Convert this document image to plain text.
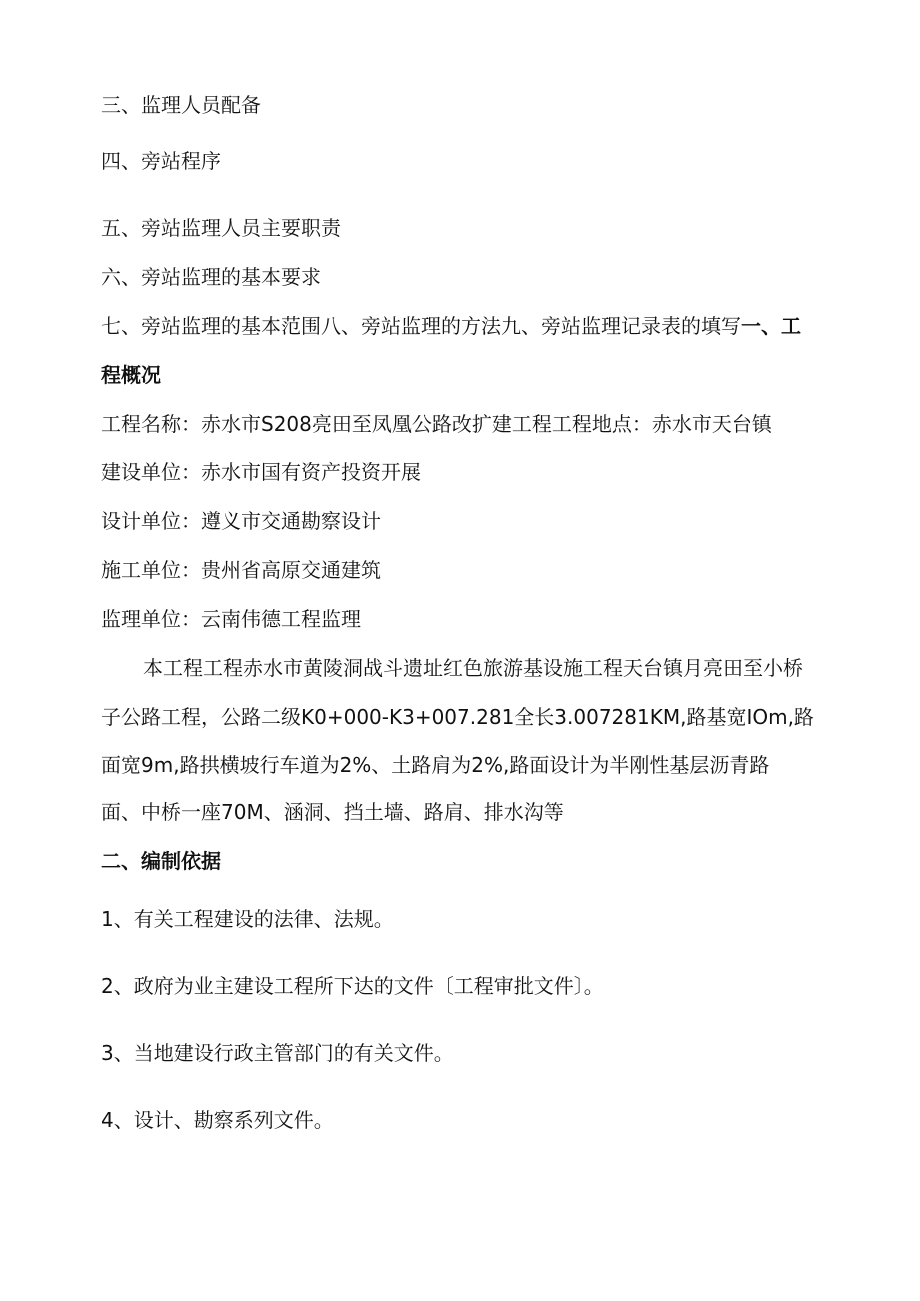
三、监理人员配备
四、旁站程序
五、旁站监理人员主要职责
六、旁站监理的基本要求
七、旁站监理的基本范围八、旁站监理的方法九、旁站监理记录表的填写一、工
程概况
工程名称：赤水市S208亮田至凤凰公路改扩建工程工程地点：赤水市天台镇
建设单位：赤水市国有资产投资开展
设计单位：遵义市交通勘察设计
施工单位：贵州省高原交通建筑
监理单位：云南伟德工程监理
本工程工程赤水市黄陵洞战斗遗址红色旅游基设施工程天台镇月亮田至小桥
子公路工程，公路二级K0+000-K3+007.281全长3.007281KM,路基宽IOm,路
面宽9m,路拱横坡行车道为2%、土路肩为2%,路面设计为半刚性基层沥青路
面、中桥一座70M、涵洞、挡土墙、路肩、排水沟等
二、编制依据
1、有关工程建设的法律、法规。
2、政府为业主建设工程所下达的文件〔工程审批文件〕。
3、当地建设行政主管部门的有关文件。
4、设计、勘察系列文件。
